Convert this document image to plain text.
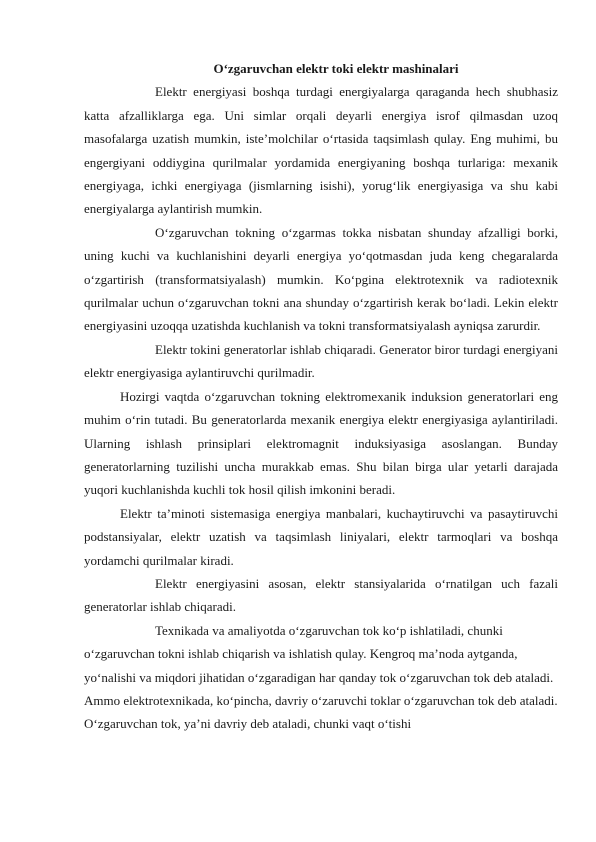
O‘zgaruvchan elektr toki elektr mashinalari

Elektr energiyasi boshqa turdagi energiyalarga qaraganda hech shubhasiz katta afzalliklarga ega. Uni simlar orqali deyarli energiya isrof qilmasdan uzoq masofalarga uzatish mumkin, iste’molchilar o‘rtasida taqsimlash qulay. Eng muhimi, bu engergiyani oddiygina qurilmalar yordamida energiyaning boshqa turlariga: mexanik energiyaga, ichki energiyaga (jismlarning isishi), yorug‘lik energiyasiga va shu kabi energiyalarga aylantirish mumkin.

O‘zgaruvchan tokning o‘zgarmas tokka nisbatan shunday afzalligi borki, uning kuchi va kuchlanishini deyarli energiya yo‘qotmasdan juda keng chegaralarda o‘zgartirish (transformatsiyalash) mumkin. Ko‘pgina elektrotexnik va radiotexnik qurilmalar uchun o‘zgaruvchan tokni ana shunday o‘zgartirish kerak bo‘ladi. Lekin elektr energiyasini uzoqqa uzatishda kuchlanish va tokni transformatsiyalash ayniqsa zarurdir.

Elektr tokini generatorlar ishlab chiqaradi. Generator biror turdagi energiyani elektr energiyasiga aylantiruvchi qurilmadir.

Hozirgi vaqtda o‘zgaruvchan tokning elektromexanik induksion generatorlari eng muhim o‘rin tutadi. Bu generatorlarda mexanik energiya elektr energiyasiga aylantiriladi. Ularning ishlash prinsiplari elektromagnit induksiyasiga asoslangan. Bunday generatorlarning tuzilishi uncha murakkab emas. Shu bilan birga ular yetarli darajada yuqori kuchlanishda kuchli tok hosil qilish imkonini beradi.

Elektr ta’minoti sistemasiga energiya manbalari, kuchaytiruvchi va pasaytiruvchi podstansiyalar, elektr uzatish va taqsimlash liniyalari, elektr tarmoqlari va boshqa yordamchi qurilmalar kiradi.

Elektr energiyasini asosan, elektr stansiyalarida o‘rnatilgan uch fazali generatorlar ishlab chiqaradi.

Texnikada va amaliyotda o‘zgaruvchan tok ko‘p ishlatiladi, chunki o‘zgaruvchan tokni ishlab chiqarish va ishlatish qulay. Kengroq ma’noda aytganda, yo‘nalishi va miqdori jihatidan o‘zgaradigan har qanday tok o‘zgaruvchan tok deb ataladi. Ammo elektrotexnikada, ko‘pincha, davriy o‘zaruvchi toklar o‘zgaruvchan tok deb ataladi. O‘zgaruvchan tok, ya’ni davriy deb ataladi, chunki vaqt o‘tishi
